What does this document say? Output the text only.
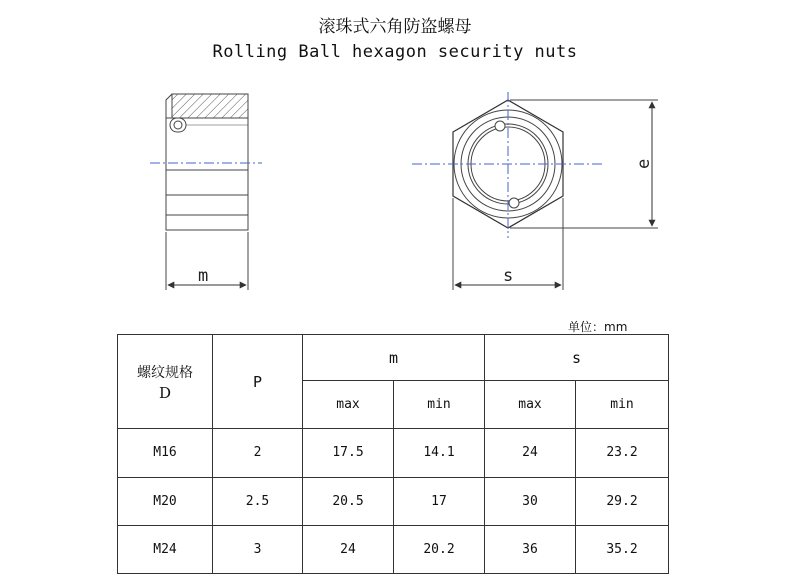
滚珠式六角防盗螺母
Rolling Ball hexagon security nuts
m
e
s
单位：mm
螺纹规格
D	P	m		s	
		max	min	max	min
M16	2	17.5	14.1	24	23.2
M20	2.5	20.5	17	30	29.2
M24	3	24	20.2	36	35.2
